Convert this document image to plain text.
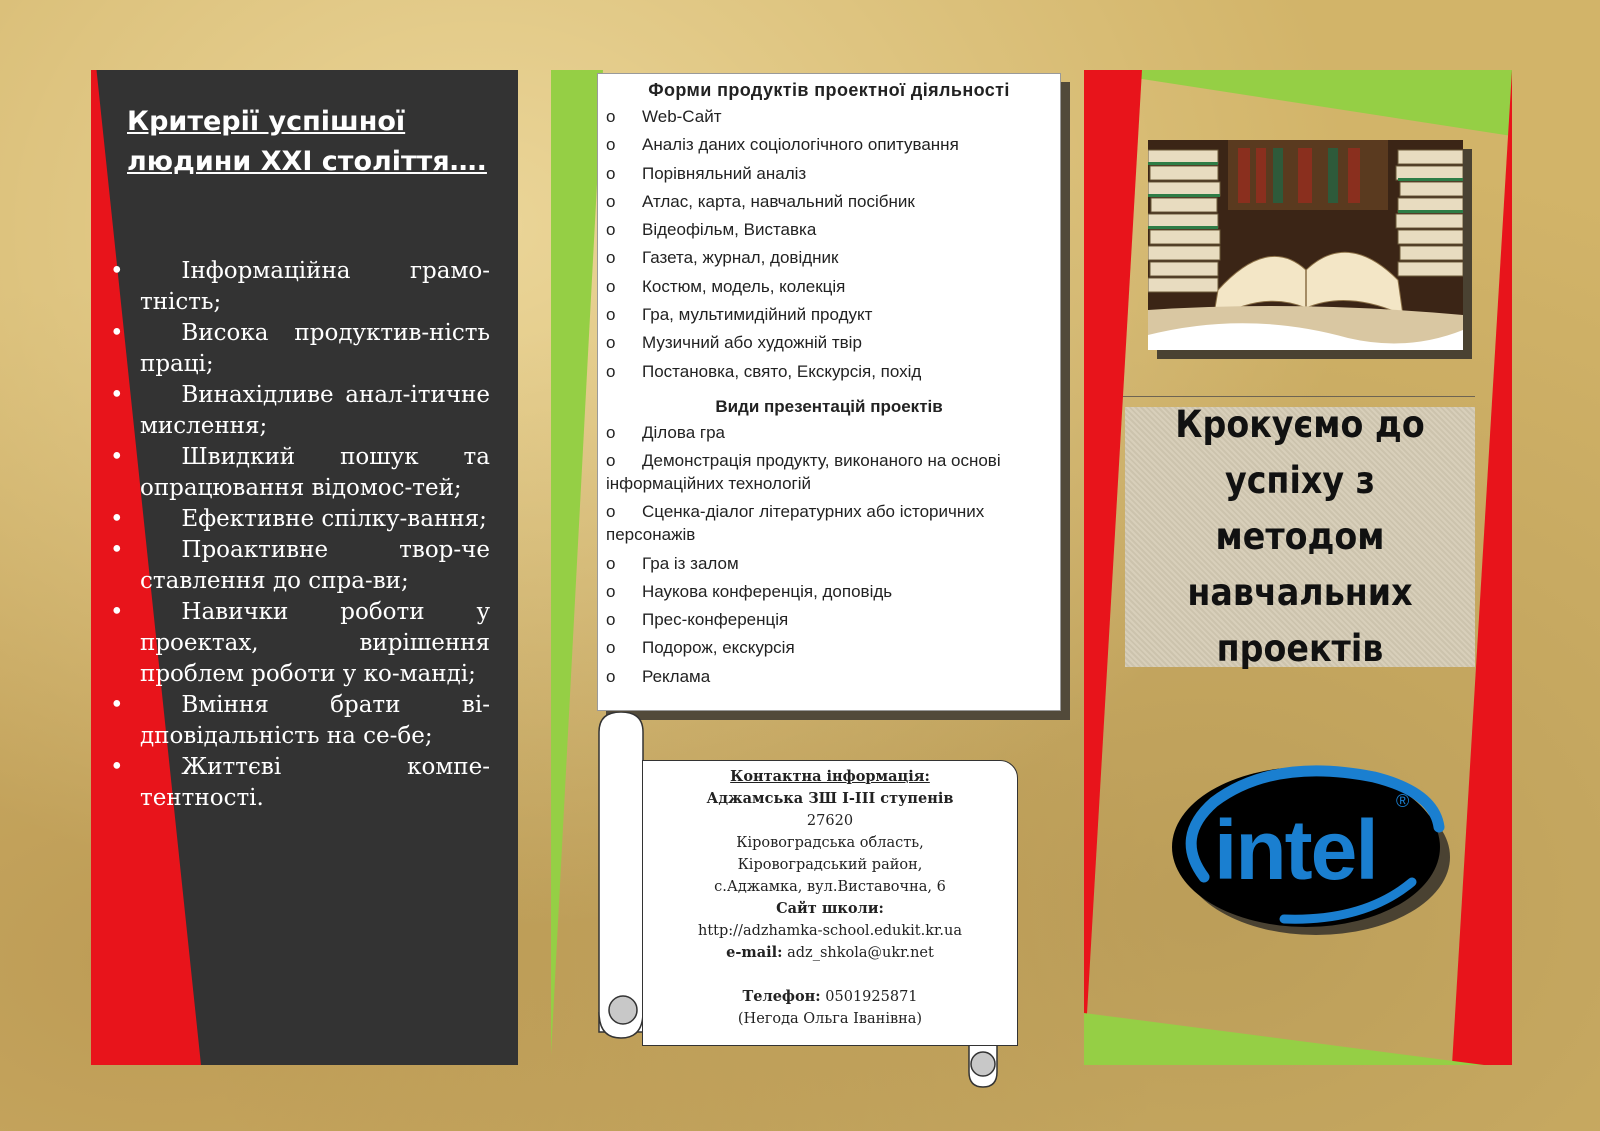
Критерії успішної
людини XXI століття….
•	Інформаційна грамо-тність;
•	Висока продуктив-ність праці;
•	Винахідливе анал-ітичне мислення;
•	Швидкий пошук та опрацювання відомос-тей;
•	Ефективне спілку-вання;
•	Проактивне твор-че ставлення до спра-ви;
•	Навички роботи у проектах, вирішення проблем роботи у ко-манді;
•	Вміння брати ві-дповідальність на се-бе;
•	Життєві компе-тентності.
Форми продуктів проектної діяльності
o Web-Сайт
o Аналіз даних соціологічного опитування
o Порівняльний аналіз
o Атлас, карта, навчальний посібник
o Відеофільм, Виставка
o Газета, журнал, довідник
o Костюм, модель, колекція
o Гра, мультимидійний продукт
o Музичний або художній твір
o Постановка, свято, Екскурсія, похід
Види презентацій проектів
o Ділова гра
o Демонстрація продукту, виконаного на основі інформаційних технологій
o Сценка-діалог літературних або історичних персонажів
o Гра із залом
o Наукова конференція, доповідь
o Прес-конференція
o Подорож, екскурсія
o Реклама
Контактна інформація:
Аджамська ЗШ І-ІІІ ступенів
27620
Кіровоградська область,
Кіровоградський район,
с.Аджамка, вул.Виставочна, 6
Сайт школи:
http://adzhamka-school.edukit.kr.ua
e-mail: adz_shkola@ukr.net
Телефон: 0501925871
(Негода Ольга Іванівна)
Крокуємо до
успіху з методом
навчальних
проектів
intel
®
